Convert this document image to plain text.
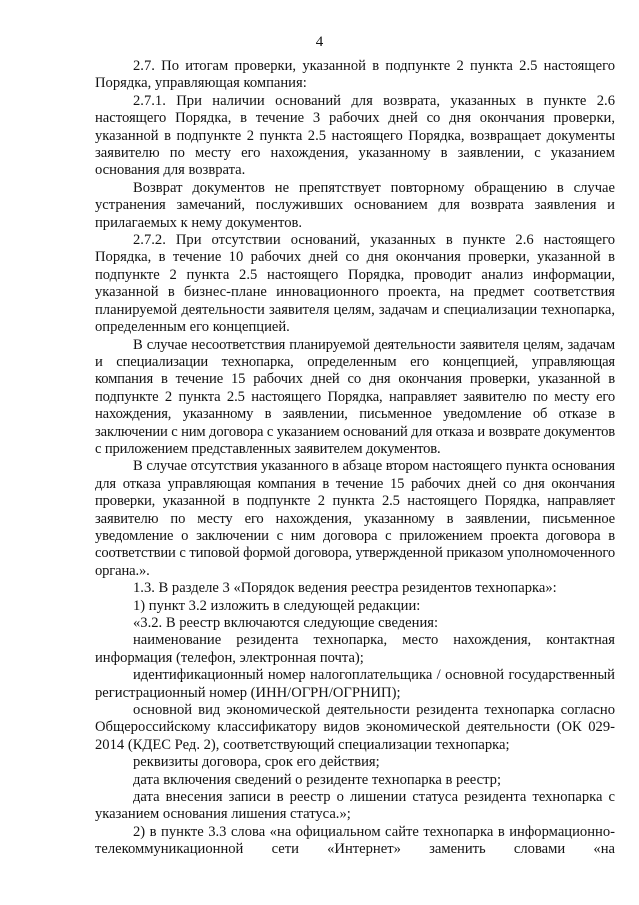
4

2.7. По итогам проверки, указанной в подпункте 2 пункта 2.5 настоящего Порядка, управляющая компания:

2.7.1. При наличии оснований для возврата, указанных в пункте 2.6 настоящего Порядка, в течение 3 рабочих дней со дня окончания проверки, указанной в подпункте 2 пункта 2.5 настоящего Порядка, возвращает документы заявителю по месту его нахождения, указанному в заявлении, с указанием основания для возврата.

Возврат документов не препятствует повторному обращению в случае устранения замечаний, послуживших основанием для возврата заявления и прилагаемых к нему документов.

2.7.2. При отсутствии оснований, указанных в пункте 2.6 настоящего Порядка, в течение 10 рабочих дней со дня окончания проверки, указанной в подпункте 2 пункта 2.5 настоящего Порядка, проводит анализ информации, указанной в бизнес-плане инновационного проекта, на предмет соответствия планируемой деятельности заявителя целям, задачам и специализации технопарка, определенным его концепцией.

В случае несоответствия планируемой деятельности заявителя целям, задачам и специализации технопарка, определенным его концепцией, управляющая компания в течение 15 рабочих дней со дня окончания проверки, указанной в подпункте 2 пункта 2.5 настоящего Порядка, направляет заявителю по месту его нахождения, указанному в заявлении, письменное уведомление об отказе в заключении с ним договора с указанием оснований для отказа и возврате документов с приложением представленных заявителем документов.

В случае отсутствия указанного в абзаце втором настоящего пункта основания для отказа управляющая компания в течение 15 рабочих дней со дня окончания проверки, указанной в подпункте 2 пункта 2.5 настоящего Порядка, направляет заявителю по месту его нахождения, указанному в заявлении, письменное уведомление о заключении с ним договора с приложением проекта договора в соответствии с типовой формой договора, утвержденной приказом уполномоченного органа.».

1.3. В разделе 3 «Порядок ведения реестра резидентов технопарка»:

1) пункт 3.2 изложить в следующей редакции:

«3.2. В реестр включаются следующие сведения:

наименование резидента технопарка, место нахождения, контактная информация (телефон, электронная почта);

идентификационный номер налогоплательщика / основной государственный регистрационный номер (ИНН/ОГРН/ОГРНИП);

основной вид экономической деятельности резидента технопарка согласно Общероссийскому классификатору видов экономической деятельности (ОК 029-2014 (КДЕС Ред. 2), соответствующий специализации технопарка;

реквизиты договора, срок его действия;

дата включения сведений о резиденте технопарка в реестр;

дата внесения записи в реестр о лишении статуса резидента технопарка с указанием основания лишения статуса.»;

2) в пункте 3.3 слова «на официальном сайте технопарка в информационно-телекоммуникационной сети «Интернет» заменить словами «на
